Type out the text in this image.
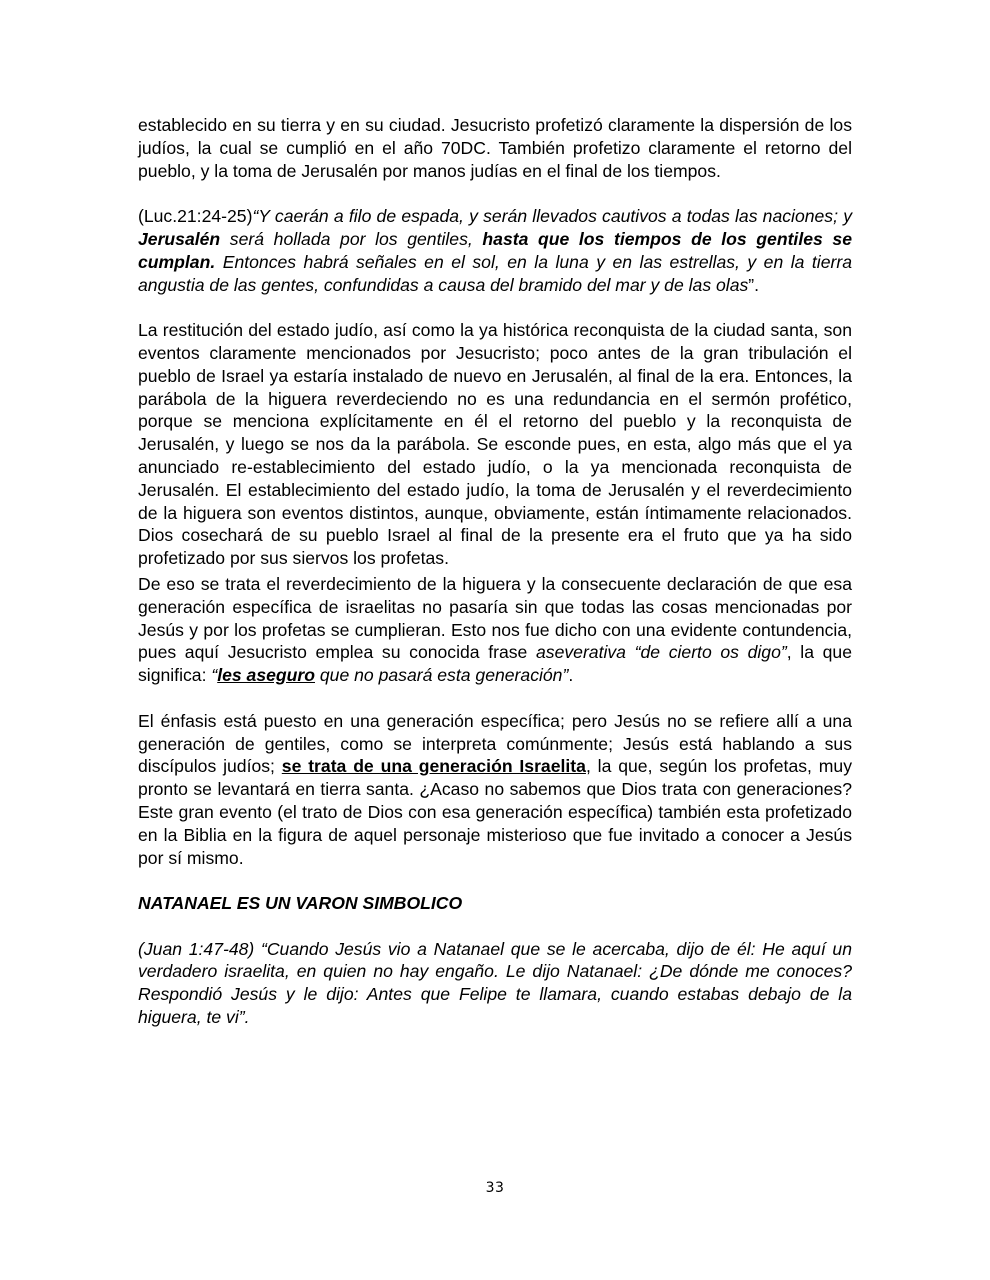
establecido en su tierra y en su ciudad. Jesucristo profetizó claramente la dispersión de los judíos, la cual se cumplió en el año 70DC. También profetizo claramente el retorno del pueblo, y la toma de Jerusalén por manos judías en el final de los tiempos.

(Luc.21:24-25)“Y caerán a filo de espada, y serán llevados cautivos a todas las naciones; y Jerusalén será hollada por los gentiles, hasta que los tiempos de los gentiles se cumplan. Entonces habrá señales en el sol, en la luna y en las estrellas, y en la tierra angustia de las gentes, confundidas a causa del bramido del mar y de las olas”.

La restitución del estado judío, así como la ya histórica reconquista de la ciudad santa, son eventos claramente mencionados por Jesucristo; poco antes de la gran tribulación el pueblo de Israel ya estaría instalado de nuevo en Jerusalén, al final de la era. Entonces, la parábola de la higuera reverdeciendo no es una redundancia en el sermón profético, porque se menciona explícitamente en él el retorno del pueblo y la reconquista de Jerusalén, y luego se nos da la parábola. Se esconde pues, en esta, algo más que el ya anunciado re-establecimiento del estado judío, o la ya mencionada reconquista de Jerusalén. El establecimiento del estado judío, la toma de Jerusalén y el reverdecimiento de la higuera son eventos distintos, aunque, obviamente, están íntimamente relacionados. Dios cosechará de su pueblo Israel al final de la presente era el fruto que ya ha sido profetizado por sus siervos los profetas.

De eso se trata el reverdecimiento de la higuera y la consecuente declaración de que esa generación específica de israelitas no pasaría sin que todas las cosas mencionadas por Jesús y por los profetas se cumplieran. Esto nos fue dicho con una evidente contundencia, pues aquí Jesucristo emplea su conocida frase aseverativa “de cierto os digo”, la que significa: “les aseguro que no pasará esta generación”.

El énfasis está puesto en una generación específica; pero Jesús no se refiere allí a una generación de gentiles, como se interpreta comúnmente; Jesús está hablando a sus discípulos judíos; se trata de una generación Israelita, la que, según los profetas, muy pronto se levantará en tierra santa. ¿Acaso no sabemos que Dios trata con generaciones? Este gran evento (el trato de Dios con esa generación específica) también esta profetizado en la Biblia en la figura de aquel personaje misterioso que fue invitado a conocer a Jesús por sí mismo.

NATANAEL ES UN VARON SIMBOLICO

(Juan 1:47-48) “Cuando Jesús vio a Natanael que se le acercaba, dijo de él: He aquí un verdadero israelita, en quien no hay engaño. Le dijo Natanael: ¿De dónde me conoces? Respondió Jesús y le dijo: Antes que Felipe te llamara, cuando estabas debajo de la higuera, te vi”.

33
